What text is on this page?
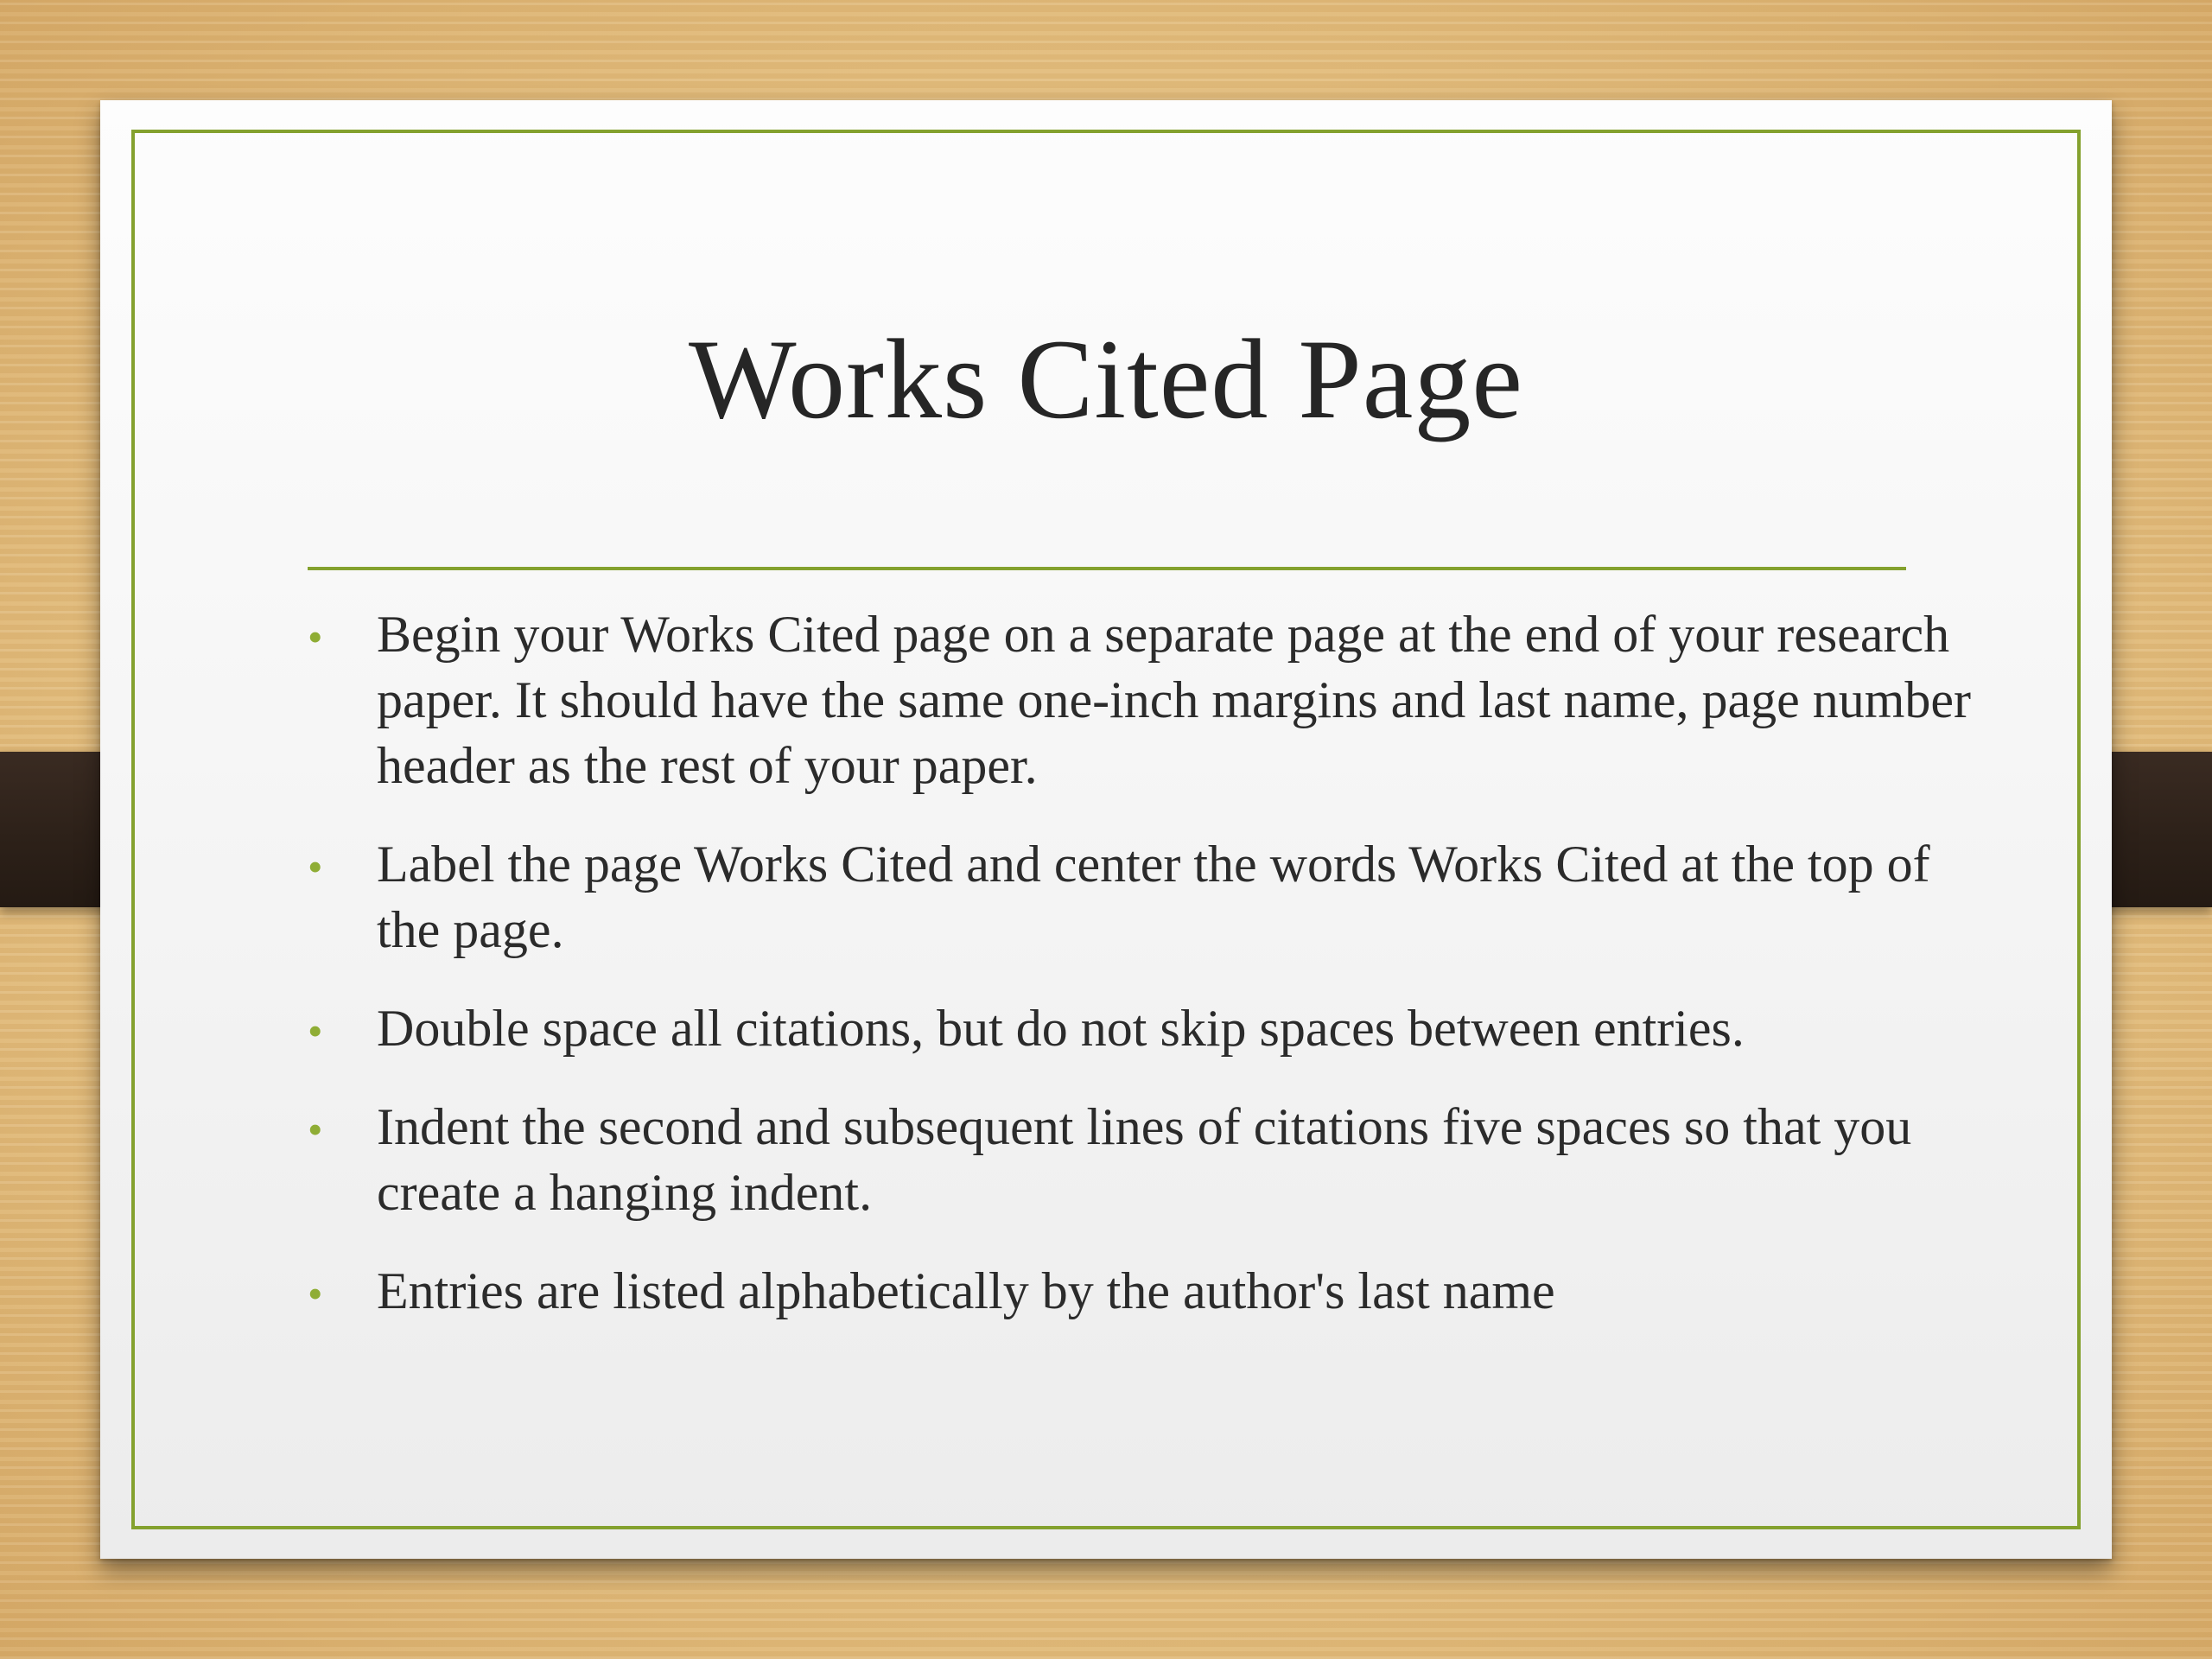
Works Cited Page
• Begin your Works Cited page on a separate page at the end of your research paper. It should have the same one-inch margins and last name, page number header as the rest of your paper.
• Label the page Works Cited and center the words Works Cited at the top of the page.
• Double space all citations, but do not skip spaces between entries.
• Indent the second and subsequent lines of citations five spaces so that you create a hanging indent.
• Entries are listed alphabetically by the author's last name
